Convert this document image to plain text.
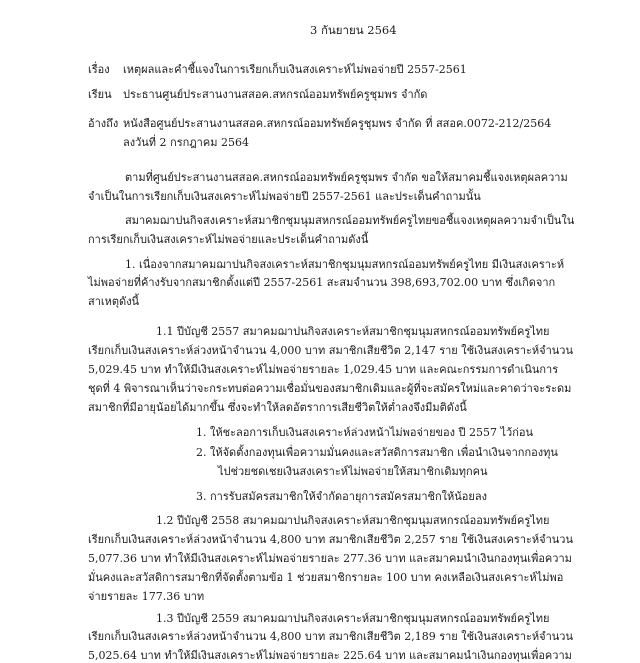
3 กันยายน 2564
เรื่อง เหตุผลและคำชี้แจงในการเรียกเก็บเงินสงเคราะห์ไม่พอจ่ายปี 2557-2561
เรียน ประธานศูนย์ประสานงานสสอค.สหกรณ์ออมทรัพย์ครูชุมพร จำกัด
อ้างถึง หนังสือศูนย์ประสานงานสสอค.สหกรณ์ออมทรัพย์ครูชุมพร จำกัด ที่ สสอค.0072-212/2564
ลงวันที่ 2 กรกฎาคม 2564
ตามที่ศูนย์ประสานงานสสอค.สหกรณ์ออมทรัพย์ครูชุมพร จำกัด ขอให้สมาคมชี้แจงเหตุผลความ
จำเป็นในการเรียกเก็บเงินสงเคราะห์ไม่พอจ่ายปี 2557-2561 และประเด็นคำถามนั้น
สมาคมฌาปนกิจสงเคราะห์สมาชิกชุมนุมสหกรณ์ออมทรัพย์ครูไทยขอชี้แจงเหตุผลความจำเป็นใน
การเรียกเก็บเงินสงเคราะห์ไม่พอจ่ายและประเด็นคำถามดังนี้
1. เนื่องจากสมาคมฌาปนกิจสงเคราะห์สมาชิกชุมนุมสหกรณ์ออมทรัพย์ครูไทย มีเงินสงเคราะห์
ไม่พอจ่ายที่ค้างรับจากสมาชิกตั้งแต่ปี 2557-2561 สะสมจำนวน 398,693,702.00 บาท ซึ่งเกิดจาก
สาเหตุดังนี้
1.1 ปีบัญชี 2557 สมาคมฌาปนกิจสงเคราะห์สมาชิกชุมนุมสหกรณ์ออมทรัพย์ครูไทย
เรียกเก็บเงินสงเคราะห์ล่วงหน้าจำนวน 4,000 บาท สมาชิกเสียชีวิต 2,147 ราย ใช้เงินสงเคราะห์จำนวน
5,029.45 บาท ทำให้มีเงินสงเคราะห์ไม่พอจ่ายรายละ 1,029.45 บาท และคณะกรรมการดำเนินการ
ชุดที่ 4 พิจารณาเห็นว่าจะกระทบต่อความเชื่อมั่นของสมาชิกเดิมและผู้ที่จะสมัครใหม่และคาดว่าจะระดม
สมาชิกที่มีอายุน้อยได้มากขึ้น ซึ่งจะทำให้ลดอัตราการเสียชีวิตให้ต่ำลงจึงมีมติดังนี้
1. ให้ชะลอการเก็บเงินสงเคราะห์ล่วงหน้าไม่พอจ่ายของ ปี 2557 ไว้ก่อน
2. ให้จัดตั้งกองทุนเพื่อความมั่นคงและสวัสดิการสมาชิก เพื่อนำเงินจากกองทุน
ไปช่วยชดเชยเงินสงเคราะห์ไม่พอจ่ายให้สมาชิกเดิมทุกคน
3. การรับสมัครสมาชิกให้จำกัดอายุการสมัครสมาชิกให้น้อยลง
1.2 ปีบัญชี 2558 สมาคมฌาปนกิจสงเคราะห์สมาชิกชุมนุมสหกรณ์ออมทรัพย์ครูไทย
เรียกเก็บเงินสงเคราะห์ล่วงหน้าจำนวน 4,800 บาท สมาชิกเสียชีวิต 2,257 ราย ใช้เงินสงเคราะห์จำนวน
5,077.36 บาท ทำให้มีเงินสงเคราะห์ไม่พอจ่ายรายละ 277.36 บาท และสมาคมนำเงินกองทุนเพื่อความ
มั่นคงและสวัสดิการสมาชิกที่จัดตั้งตามข้อ 1 ช่วยสมาชิกรายละ 100 บาท คงเหลือเงินสงเคราะห์ไม่พอ
จ่ายรายละ 177.36 บาท
1.3 ปีบัญชี 2559 สมาคมฌาปนกิจสงเคราะห์สมาชิกชุมนุมสหกรณ์ออมทรัพย์ครูไทย
เรียกเก็บเงินสงเคราะห์ล่วงหน้าจำนวน 4,800 บาท สมาชิกเสียชีวิต 2,189 ราย ใช้เงินสงเคราะห์จำนวน
5,025.64 บาท ทำให้มีเงินสงเคราะห์ไม่พอจ่ายรายละ 225.64 บาท และสมาคมนำเงินกองทุนเพื่อความ
